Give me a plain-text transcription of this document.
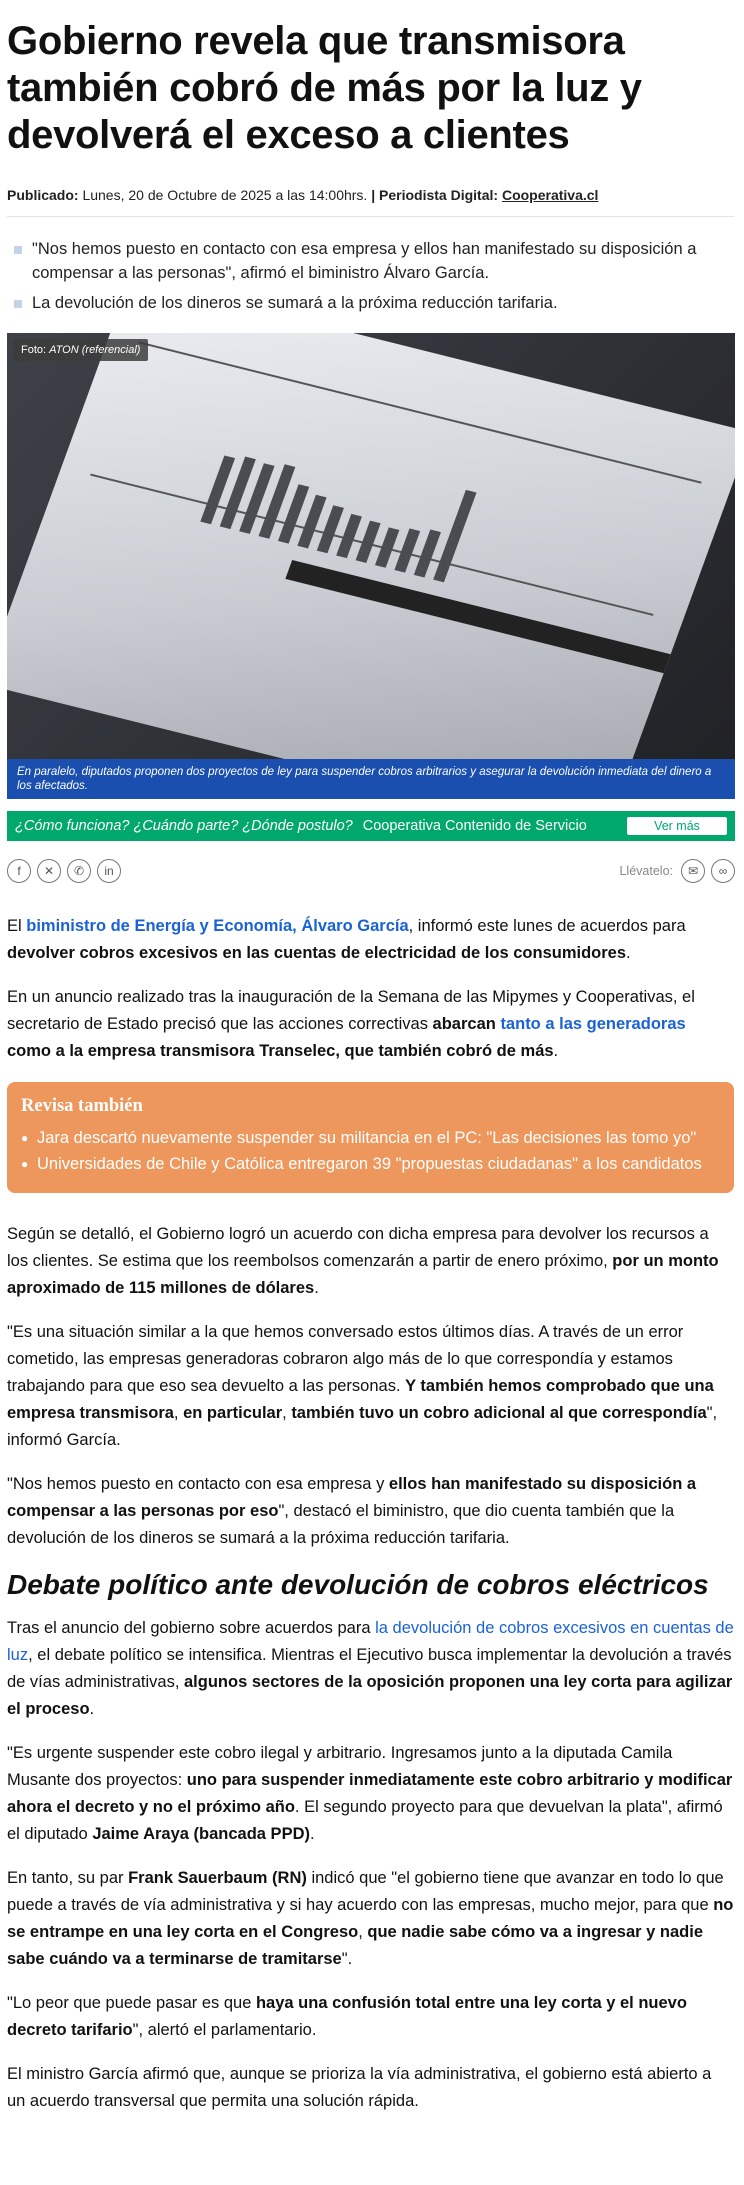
Gobierno revela que transmisora también cobró de más por la luz y devolverá el exceso a clientes
Publicado: Lunes, 20 de Octubre de 2025 a las 14:00hrs. | Periodista Digital: Cooperativa.cl
"Nos hemos puesto en contacto con esa empresa y ellos han manifestado su disposición a compensar a las personas", afirmó el biministro Álvaro García.
La devolución de los dineros se sumará a la próxima reducción tarifaria.
Foto: ATON (referencial)
En paralelo, diputados proponen dos proyectos de ley para suspender cobros arbitrarios y asegurar la devolución inmediata del dinero a los afectados.
¿Cómo funciona? ¿Cuándo parte? ¿Dónde postulo? Cooperativa Contenido de Servicio	Ver más
f	✕	✆	in	Llévatelo:	✉	∞

El biministro de Energía y Economía, Álvaro García, informó este lunes de acuerdos para devolver cobros excesivos en las cuentas de electricidad de los consumidores.

En un anuncio realizado tras la inauguración de la Semana de las Mipymes y Cooperativas, el secretario de Estado precisó que las acciones correctivas abarcan tanto a las generadoras como a la empresa transmisora Transelec, que también cobró de más.

Revisa también
● Jara descartó nuevamente suspender su militancia en el PC: "Las decisiones las tomo yo"
● Universidades de Chile y Católica entregaron 39 "propuestas ciudadanas" a los candidatos

Según se detalló, el Gobierno logró un acuerdo con dicha empresa para devolver los recursos a los clientes. Se estima que los reembolsos comenzarán a partir de enero próximo, por un monto aproximado de 115 millones de dólares.

"Es una situación similar a la que hemos conversado estos últimos días. A través de un error cometido, las empresas generadoras cobraron algo más de lo que correspondía y estamos trabajando para que eso sea devuelto a las personas. Y también hemos comprobado que una empresa transmisora, en particular, también tuvo un cobro adicional al que correspondía", informó García.

"Nos hemos puesto en contacto con esa empresa y ellos han manifestado su disposición a compensar a las personas por eso", destacó el biministro, que dio cuenta también que la devolución de los dineros se sumará a la próxima reducción tarifaria.

Debate político ante devolución de cobros eléctricos

Tras el anuncio del gobierno sobre acuerdos para la devolución de cobros excesivos en cuentas de luz, el debate político se intensifica. Mientras el Ejecutivo busca implementar la devolución a través de vías administrativas, algunos sectores de la oposición proponen una ley corta para agilizar el proceso.

"Es urgente suspender este cobro ilegal y arbitrario. Ingresamos junto a la diputada Camila Musante dos proyectos: uno para suspender inmediatamente este cobro arbitrario y modificar ahora el decreto y no el próximo año. El segundo proyecto para que devuelvan la plata", afirmó el diputado Jaime Araya (bancada PPD).

En tanto, su par Frank Sauerbaum (RN) indicó que "el gobierno tiene que avanzar en todo lo que puede a través de vía administrativa y si hay acuerdo con las empresas, mucho mejor, para que no se entrampe en una ley corta en el Congreso, que nadie sabe cómo va a ingresar y nadie sabe cuándo va a terminarse de tramitarse".

"Lo peor que puede pasar es que haya una confusión total entre una ley corta y el nuevo decreto tarifario", alertó el parlamentario.

El ministro García afirmó que, aunque se prioriza la vía administrativa, el gobierno está abierto a un acuerdo transversal que permita una solución rápida.
